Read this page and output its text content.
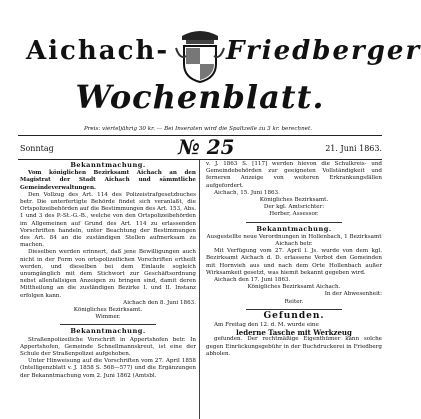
Aichach- Friedberger
Wochenblatt.
Preis: vierteljährig 30 kr. — Bei Inseraten wird die Spaltzeile zu 3 kr. berechnet.
Sonntag	№ 25	21. Juni 1863.

Bekanntmachung.

Vom königlichen Bezirksamt Aichach an den Magistrat der Stadt Aichach und sämmtliche Gemeindeverwaltungen.

Den Vollzug des Art. 114 des Polizeistrafgesetzbuches betr. Die unterfertigte Behörde findet sich veranlaßt, die Ortspolizeibehörden auf die Bestimmungen des Art. 153, Abs. 1 und 3 des P.-St.-G.-B., welche von den Ortspolizeibehörden im Allgemeinen auf Grund des Art. 114 zu erlassenden Vorschriften handeln, unter Beachtung der Bestimmungen des Art. 84 an die zuständigen Stellen aufmerksam zu machen.

Dieselben werden erinnert, daß jene Bewilligungen auch nicht in der Form von ortspolizeilichen Vorschriften ertheilt werden, und dieselben bei dem Einlaufe sogleich unumgänglich mit dem Stichwort zur Geschäftsordnung nebst allenfallsigen Anzeigen zu bringen sind, damit deren Mittheilung an die zuständigen Bezirke I. und II. Instanz erfolgen kann.

Aichach den 8. Juni 1863.

Königliches Bezirksamt.

Wimmer.

Bekanntmachung.

Straßenpolizeiliche Vorschrift in Appertshofen betr. In Appertshofen, Gemeinde Schnellmannskreut, ist eine der Schule der Straßenpolizei aufgehoben.

Unter Hinweisung auf die Vorschriften vom 27. April 1858 (Intelligenzblatt v. J. 1858 S. 568—577) und die Ergänzungen der Bekanntmachung vom 2. Juni 1862 (Amtsbl.

v. J. 1863 S. [117] werden hievon die Schulkreis- und Gemeindebehörden zur geeigneten Vollständigkeit und ferneren Anzeige von weiteren Erkrankungsfällen aufgefordert.

Aichach, 15. Juni 1863.

Königliches Bezirksamt.

Der kgl. Amtsrichter:

Herber, Assessor.

Bekanntmachung.

Ausgestellte neue Verordnungen in Hollenbach, 1 Bezirksamt Aichach betr.

Mit Verfügung vom 27. April l. Js. wurde von dem kgl. Bezirksamt Aichach d. D. erlassene Verbot den Gemeinden mit Hornvieh aus und nach dem Orte Hollenbach außer Wirksamkeit gesetzt, was hiemit bekannt gegeben wird.

Aichach den 17. Juni 1863.

Königliches Bezirksamt Aichach.

In der Abwesenheit:

Reiter.

Gefunden.

Am Freitag den 12. d. M. wurde eine

lederne Tasche mit Werkzeug

gefunden. Der rechtmäßige Eigenthümer kann solche gegen Einrückungsgebühr in der Buchdruckerei in Friedberg abholen.
